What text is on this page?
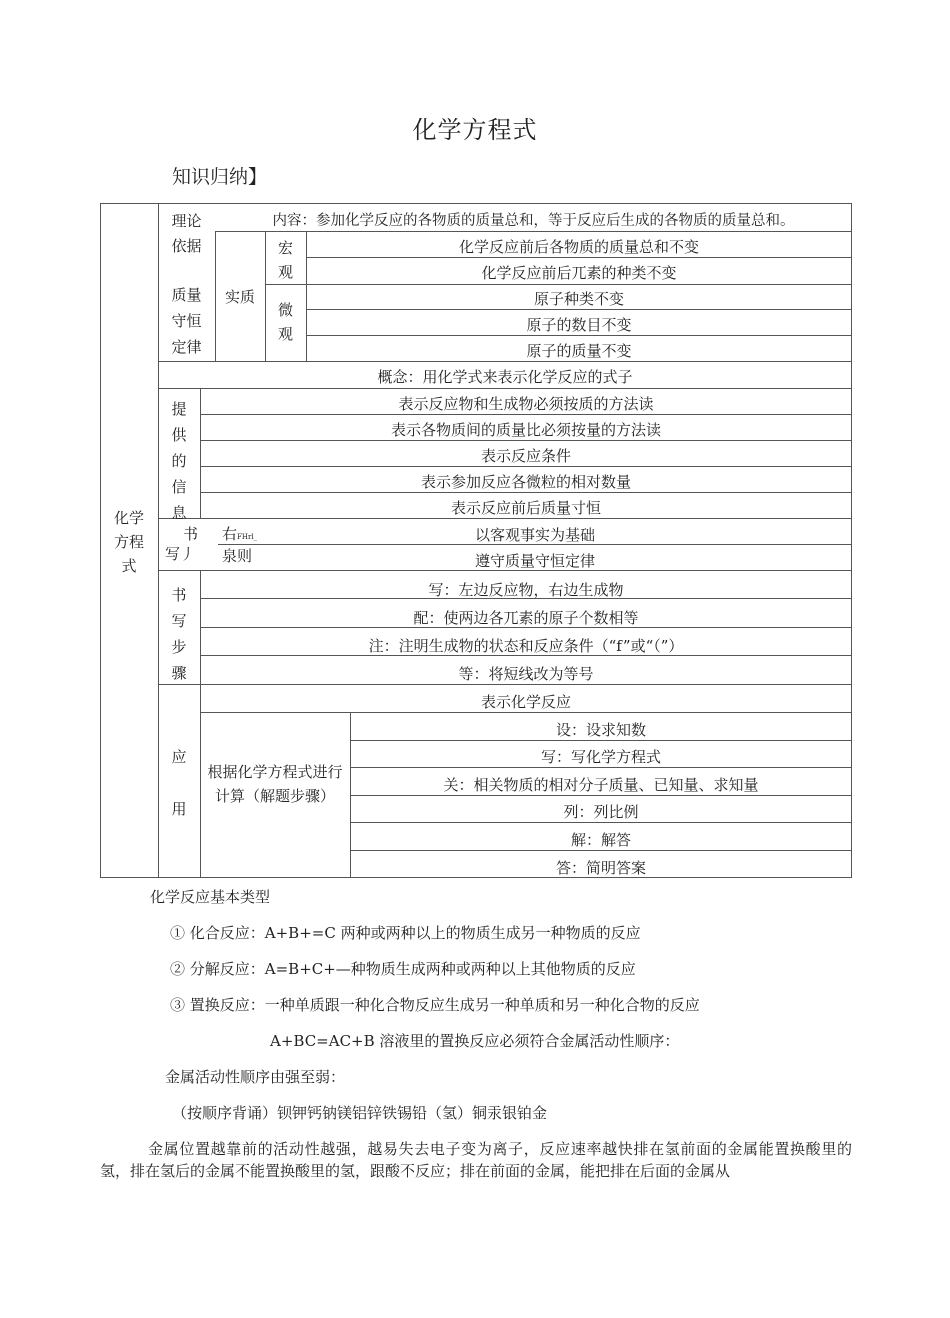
化学方程式
知识归纳】
化学
方程
式
理论
依据
质量
守恒
定律
内容：参加化学反应的各物质的质量总和，等于反应后生成的各物质的质量总和。
实质
宏
观
微
观
化学反应前后各物质的质量总和不变
化学反应前后兀素的种类不变
原子种类不变
原子的数目不变
原子的质量不变
概念：用化学式来表示化学反应的式子
提
供
的
信
息
表示反应物和生成物必须按质的方法读
表示各物质间的质量比必须按量的方法读
表示反应条件
表示参加反应各微粒的相对数量
表示反应前后质量寸恒
书
写丿
右FHrl_
泉则
以客观事实为基础
遵守质量守恒定律
书
写
步
骤
写：左边反应物，右边生成物
配：使两边各兀素的原子个数相等
注：注明生成物的状态和反应条件（“f”或“（”）
等：将短线改为等号
应

用
表示化学反应
根据化学方程式进行计算（解题步骤）
设：设求知数
写：写化学方程式
关：相关物质的相对分子质量、已知量、求知量
列：列比例
解：解答
答：简明答案
化学反应基本类型
① 化合反应：A+B+=C 两种或两种以上的物质生成另一种物质的反应
② 分解反应：A=B+C+—种物质生成两种或两种以上其他物质的反应
③ 置换反应：一种单质跟一种化合物反应生成另一种单质和另一种化合物的反应
A+BC=AC+B 溶液里的置换反应必须符合金属活动性顺序：
金属活动性顺序由强至弱：
（按顺序背诵）钡钾钙钠镁铝锌铁锡铅（氢）铜汞银铂金
金属位置越靠前的活动性越强，越易失去电子变为离子，反应速率越快排在氢前面的金属能置换酸里的氢，排在氢后的金属不能置换酸里的氢，跟酸不反应；排在前面的金属，能把排在后面的金属从
